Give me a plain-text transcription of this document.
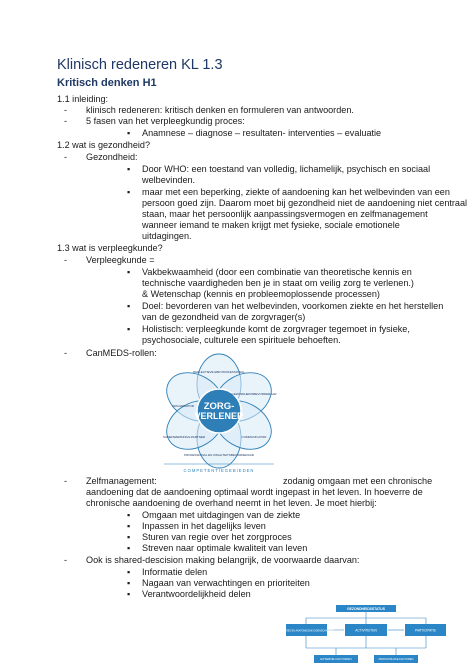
Klinisch redeneren KL 1.3
Kritisch denken H1
1.1 inleiding:
- klinisch redeneren: kritisch denken en formuleren van antwoorden.
- 5 fasen van het verpleegkundig proces:
▪ Anamnese – diagnose – resultaten- interventies – evaluatie
1.2 wat is gezondheid?
- Gezondheid:
▪ Door WHO: een toestand van volledig, lichamelijk, psychisch en sociaal
welbevinden.
▪ maar met een beperking, ziekte of aandoening kan het welbevinden van een
persoon goed zijn. Daarom moet bij gezondheid niet de aandoening niet centraal
staan, maar het persoonlijk aanpassingsvermogen en zelfmanagement
wanneer iemand te maken krijgt met fysieke, sociale emotionele
uitdagingen.
1.3 wat is verpleegkunde?
- Verpleegkunde =
▪ Vakbekwaamheid (door een combinatie van theoretische kennis en
technische vaardigheden ben je in staat om veilig zorg te verlenen.)
& Wetenschap (kennis en probleemoplossende processen)
▪ Doel: bevorderen van het welbevinden, voorkomen ziekte en het herstellen
van de gezondheid van de zorgvrager(s)
▪ Holistisch: verpleegkunde komt de zorgvrager tegemoet in fysieke,
psychosociale, culturele een spirituele behoeften.
- CanMEDS-rollen:
ZORG-
VERLENER
REFLECTIEVE EBP-PROFESSIONAL
GEZONDHEIDSBEVORDERAAR
ORGANISATOR
COMMUNICATOR
SAMENWERKINGS-PARTNER
PROFESSIONAL EN KWALITEITSBEVORDERAAR
COMPETENTIEGEBIEDEN
- Zelfmanagement:	zodanig omgaan met een chronische
aandoening dat de aandoening optimaal wordt ingepast in het leven. In hoeverre de
chronische aandoening de overhand neemt in het leven. Je moet hierbij:
▪ Omgaan met uitdagingen van de ziekte
▪ Inpassen in het dagelijks leven
▪ Sturen van regie over het zorgproces
▪ Streven naar optimale kwaliteit van leven
- Ook is shared-descision making belangrijk, de voorwaarde daarvan:
▪ Informatie delen
▪ Nagaan van verwachtingen en prioriteiten
▪ Verantwoordelijkheid delen
GEZONDHEIDSSTATUS
FUNCTIES EN ANATOMISCHE EIGENSCHAPPEN	ACTIVITEITEN	PARTICIPATIE
EXTERNE FACTOREN	PERSOONLIJKE FACTOREN
